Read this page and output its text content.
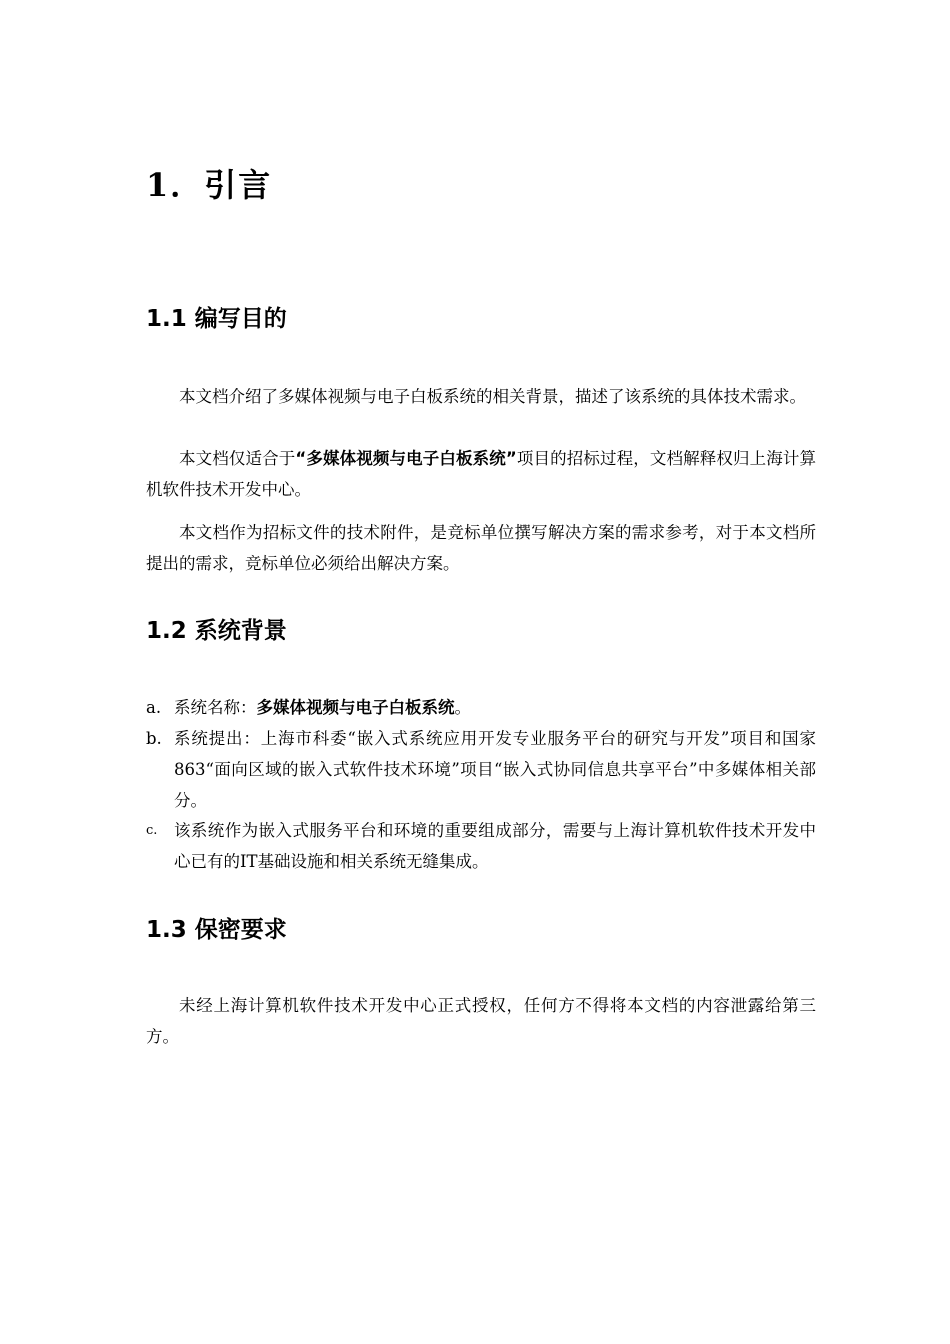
1．引言
1.1 编写目的

本文档介绍了多媒体视频与电子白板系统的相关背景，描述了该系统的具体技术需求。

本文档仅适合于“多媒体视频与电子白板系统”项目的招标过程，文档解释权归上海计算机软件技术开发中心。

本文档作为招标文件的技术附件，是竞标单位撰写解决方案的需求参考，对于本文档所提出的需求，竞标单位必须给出解决方案。

1.2 系统背景
a. 系统名称：多媒体视频与电子白板系统。
b. 系统提出：上海市科委“嵌入式系统应用开发专业服务平台的研究与开发”项目和国家863“面向区域的嵌入式软件技术环境”项目“嵌入式协同信息共享平台”中多媒体相关部分。
c.	该系统作为嵌入式服务平台和环境的重要组成部分，需要与上海计算机软件技术开发中心已有的IT基础设施和相关系统无缝集成。
1.3 保密要求

未经上海计算机软件技术开发中心正式授权，任何方不得将本文档的内容泄露给第三方。
